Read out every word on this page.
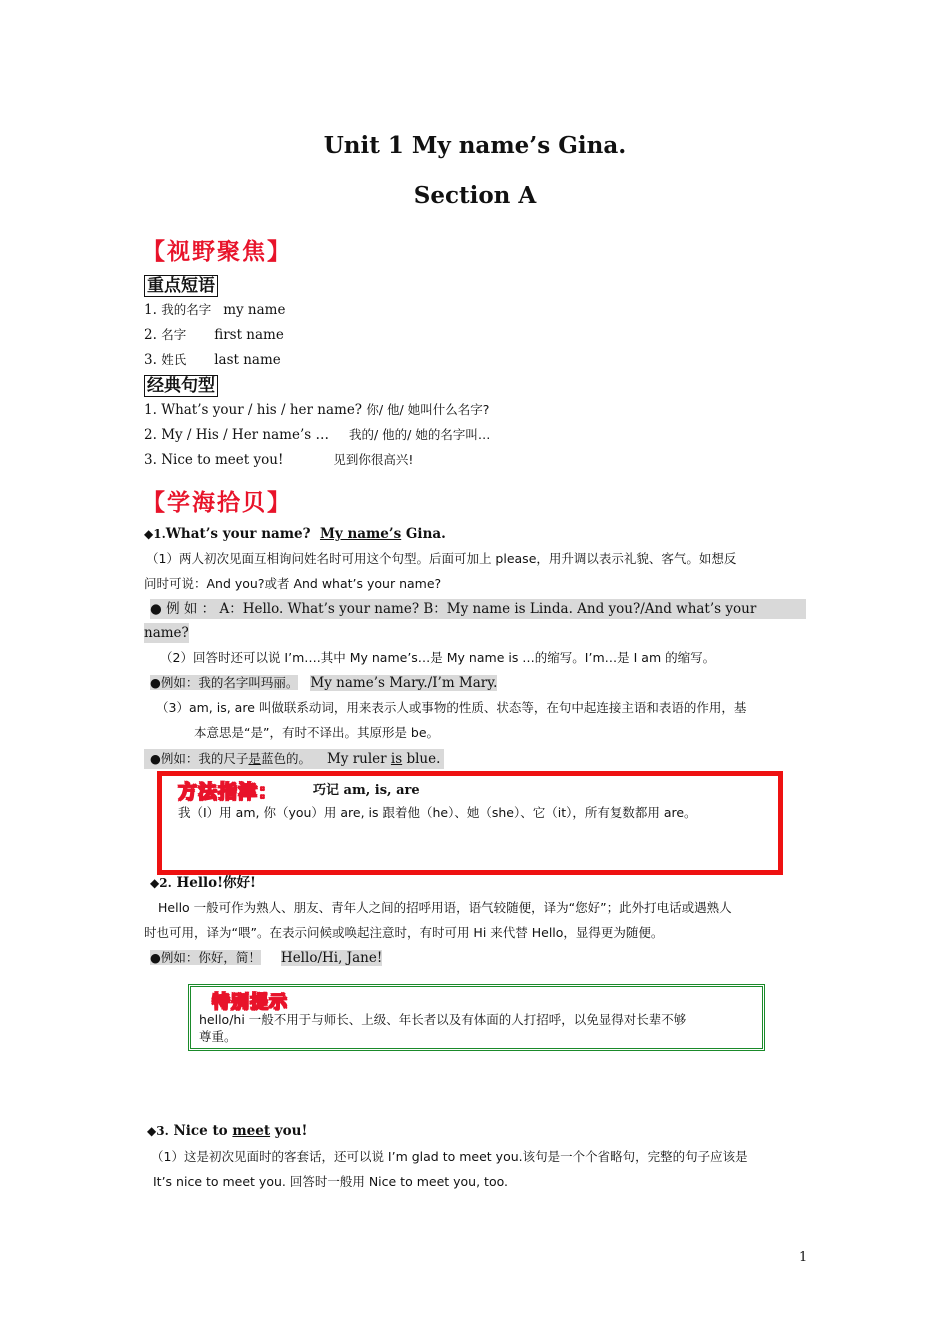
Unit 1 My name’s Gina.
Section A
【视野聚焦】
重点短语
1. 我的名字 my name
2. 名字 first name
3. 姓氏 last name
经典句型
1. What’s your / his / her name? 你/ 他/ 她叫什么名字?
2. My / His / Her name’s … 我的/ 他的/ 她的名字叫…
3. Nice to meet you!	见到你很高兴!
【学海拾贝】
◆1.What’s your name? My name’s Gina.
（1）两人初次见面互相询问姓名时可用这个句型。后面可加上 please，用升调以表示礼貌、客气。如想反
问时可说：And you?或者 And what’s your name?
● 例 如 ： A：Hello. What’s your name? B：My name is Linda. And you?/And what’s your
name?
（2）回答时还可以说 I’m….其中 My name’s…是 My name is …的缩写。I’m…是 I am 的缩写。
●例如：我的名字叫玛丽。 My name’s Mary./I’m Mary.
（3）am, is, are 叫做联系动词，用来表示人或事物的性质、状态等，在句中起连接主语和表语的作用，基
本意思是“是”，有时不译出。其原形是 be。
●例如：我的尺子是蓝色的。 My ruler is blue.
方法指津：	巧记 am, is, are
我（I）用 am, 你（you）用 are, is 跟着他（he）、她（she）、它（it），所有复数都用 are。
◆2. Hello!你好!
Hello 一般可作为熟人、朋友、青年人之间的招呼用语，语气较随便，译为“您好”；此外打电话或遇熟人
时也可用，译为“喂”。在表示问候或唤起注意时，有时可用 Hi 来代替 Hello，显得更为随便。
●例如：你好，简！ Hello/Hi, Jane!
特别提示
hello/hi 一般不用于与师长、上级、年长者以及有体面的人打招呼，以免显得对长辈不够
尊重。
◆3. Nice to meet you!
（1）这是初次见面时的客套话，还可以说 I’m glad to meet you.该句是一个个省略句，完整的句子应该是
It’s nice to meet you. 回答时一般用 Nice to meet you, too.
1
